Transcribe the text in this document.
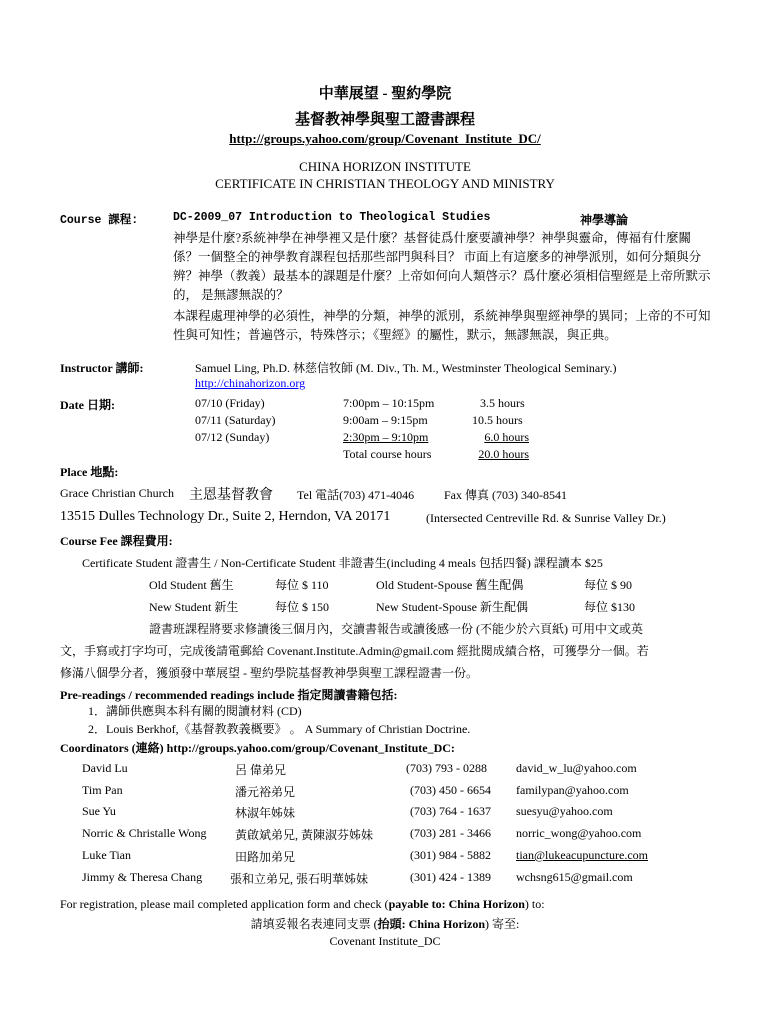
中華展望 - 聖約學院
基督教神學與聖工證書課程
http://groups.yahoo.com/group/Covenant_Institute_DC/
CHINA HORIZON INSTITUTE
CERTIFICATE IN CHRISTIAN THEOLOGY AND MINISTRY
Course 課程:	DC-2009_07 Introduction to Theological Studies	神學導論
神學是什麼?系統神學在神學裡又是什麼？基督徒爲什麼要讀神學？神學與靈命，傳福有什麼關係？一個整全的神學教育課程包括那些部門與科目？ 市面上有這麼多的神學派別，如何分類與分辨？神學（教義）最基本的課題是什麼？上帝如何向人類啓示？爲什麼必須相信聖經是上帝所默示的， 是無謬無誤的？
本課程處理神學的必須性，神學的分類，神學的派別，系統神學與聖經神學的異同；上帝的不可知性與可知性；普遍啓示，特殊啓示；《聖經》的屬性，默示，無謬無誤，與正典。
Instructor 講師:	Samuel Ling, Ph.D. 林慈信牧師 (M. Div., Th. M., Westminster Theological Seminary.)
http://chinahorizon.org
Date 日期:	07/10 (Friday)	7:00pm – 10:15pm	3.5 hours
07/11 (Saturday)	9:00am – 9:15pm	10.5 hours
07/12 (Sunday)	2:30pm – 9:10pm	6.0 hours
Total course hours	20.0 hours
Place 地點:
Grace Christian Church 主恩基督教會 Tel 電話(703) 471-4046 Fax 傳真 (703) 340-8541
13515 Dulles Technology Dr., Suite 2, Herndon, VA 20171	(Intersected Centreville Rd. & Sunrise Valley Dr.)
Course Fee 課程費用:
Certificate Student 證書生 / Non-Certificate Student 非證書生(including 4 meals 包括四餐) 課程讀本 $25
Old Student 舊生	每位 $ 110	Old Student-Spouse 舊生配偶	每位 $ 90
New Student 新生	每位 $ 150	New Student-Spouse 新生配偶	每位 $130
證書班課程將要求修讀後三個月內，交讀書報告或讀後感一份 (不能少於六頁紙) 可用中文或英
文，手寫或打字均可，完成後請電郵給 Covenant.Institute.Admin@gmail.com 經批閱成績合格，可獲學分一個。若
修滿八個學分者，獲頒發中華展望 - 聖約學院基督教神學與聖工課程證書一份。
Pre-readings / recommended readings include 指定閱讀書籍包括:
1．講師供應與本科有關的閱讀材料 (CD)
2．Louis Berkhof,《基督教教義概要》 。 A Summary of Christian Doctrine.
Coordinators (連絡) http://groups.yahoo.com/group/Covenant_Institute_DC:
David Lu	呂 偉弟兄	(703) 793 - 0288 david_w_lu@yahoo.com
Tim Pan	潘元裕弟兄	(703) 450 - 6654 familypan@yahoo.com
Sue Yu	林淑年姊妹	(703) 764 - 1637 suesyu@yahoo.com
Norric & Christalle Wong 黃啟斌弟兄, 黃陳淑芬姊妹	(703) 281 - 3466 norric_wong@yahoo.com
Luke Tian	田路加弟兄	(301) 984 - 5882 tian@lukeacupuncture.com
Jimmy & Theresa Chang 張和立弟兄, 張石明華姊妹	(301) 424 - 1389 wchsng615@gmail.com
For registration, please mail completed application form and check (payable to: China Horizon) to:
請填妥報名表連同支票 (抬頭: China Horizon) 寄至:
Covenant Institute_DC
